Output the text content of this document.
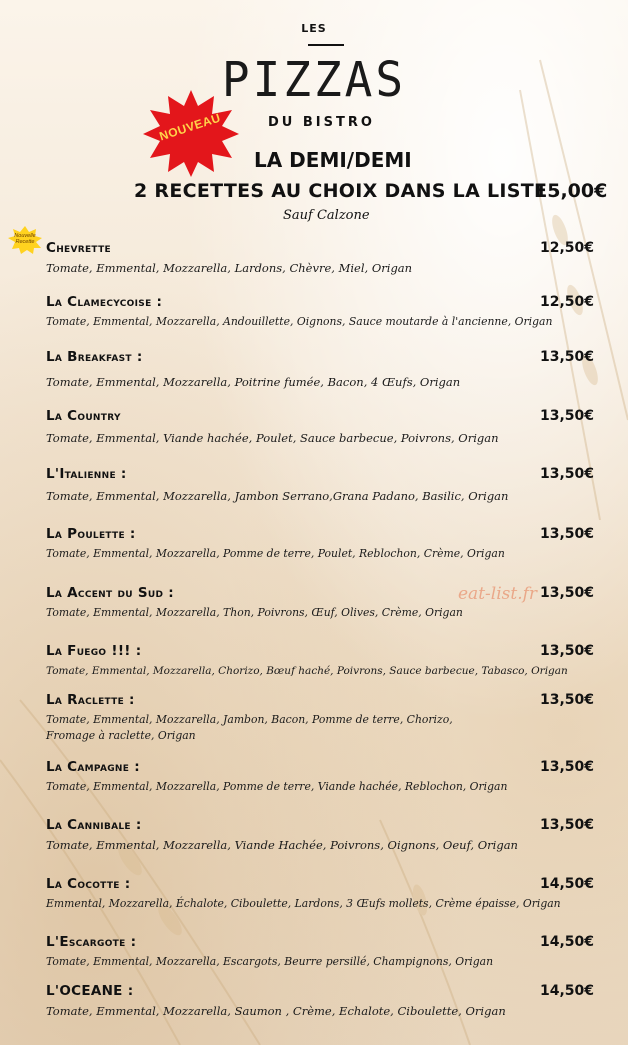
LES
PIZZAS
DU BISTRO
NOUVEAU
LA DEMI/DEMI
2 RECETTES AU CHOIX DANS LA LISTE
15,00€
Sauf Calzone
Nouvelle Recette Chevrette	12,50€
Tomate, Emmental, Mozzarella, Lardons, Chèvre, Miel, Origan
La Clamecycoise :	12,50€
Tomate, Emmental, Mozzarella, Andouillette, Oignons, Sauce moutarde à l'ancienne, Origan
La Breakfast :	13,50€
Tomate, Emmental, Mozzarella, Poitrine fumée, Bacon, 4 Œufs, Origan
La Country	13,50€
Tomate, Emmental, Viande hachée, Poulet, Sauce barbecue, Poivrons, Origan
L'Italienne :	13,50€
Tomate, Emmental, Mozzarella, Jambon Serrano,Grana Padano, Basilic, Origan
La Poulette :	13,50€
Tomate, Emmental, Mozzarella, Pomme de terre, Poulet, Reblochon, Crème, Origan
La Accent du Sud :	13,50€
Tomate, Emmental, Mozzarella, Thon, Poivrons, Œuf, Olives, Crème, Origan
La Fuego !!! :	13,50€
Tomate, Emmental, Mozzarella, Chorizo, Bœuf haché, Poivrons, Sauce barbecue, Tabasco, Origan
La Raclette :	13,50€
Tomate, Emmental, Mozzarella, Jambon, Bacon, Pomme de terre, Chorizo, Fromage à raclette, Origan
La Campagne :	13,50€
Tomate, Emmental, Mozzarella, Pomme de terre, Viande hachée, Reblochon, Origan
La Cannibale :	13,50€
Tomate, Emmental, Mozzarella, Viande Hachée, Poivrons, Oignons, Oeuf, Origan
La Cocotte :	14,50€
Emmental, Mozzarella, Échalote, Ciboulette, Lardons, 3 Œufs mollets, Crème épaisse, Origan
L'Escargote :	14,50€
Tomate, Emmental, Mozzarella, Escargots, Beurre persillé, Champignons, Origan
L'OCEANE :	14,50€
Tomate, Emmental, Mozzarella, Saumon , Crème, Echalote, Ciboulette, Origan
eat-list.fr
